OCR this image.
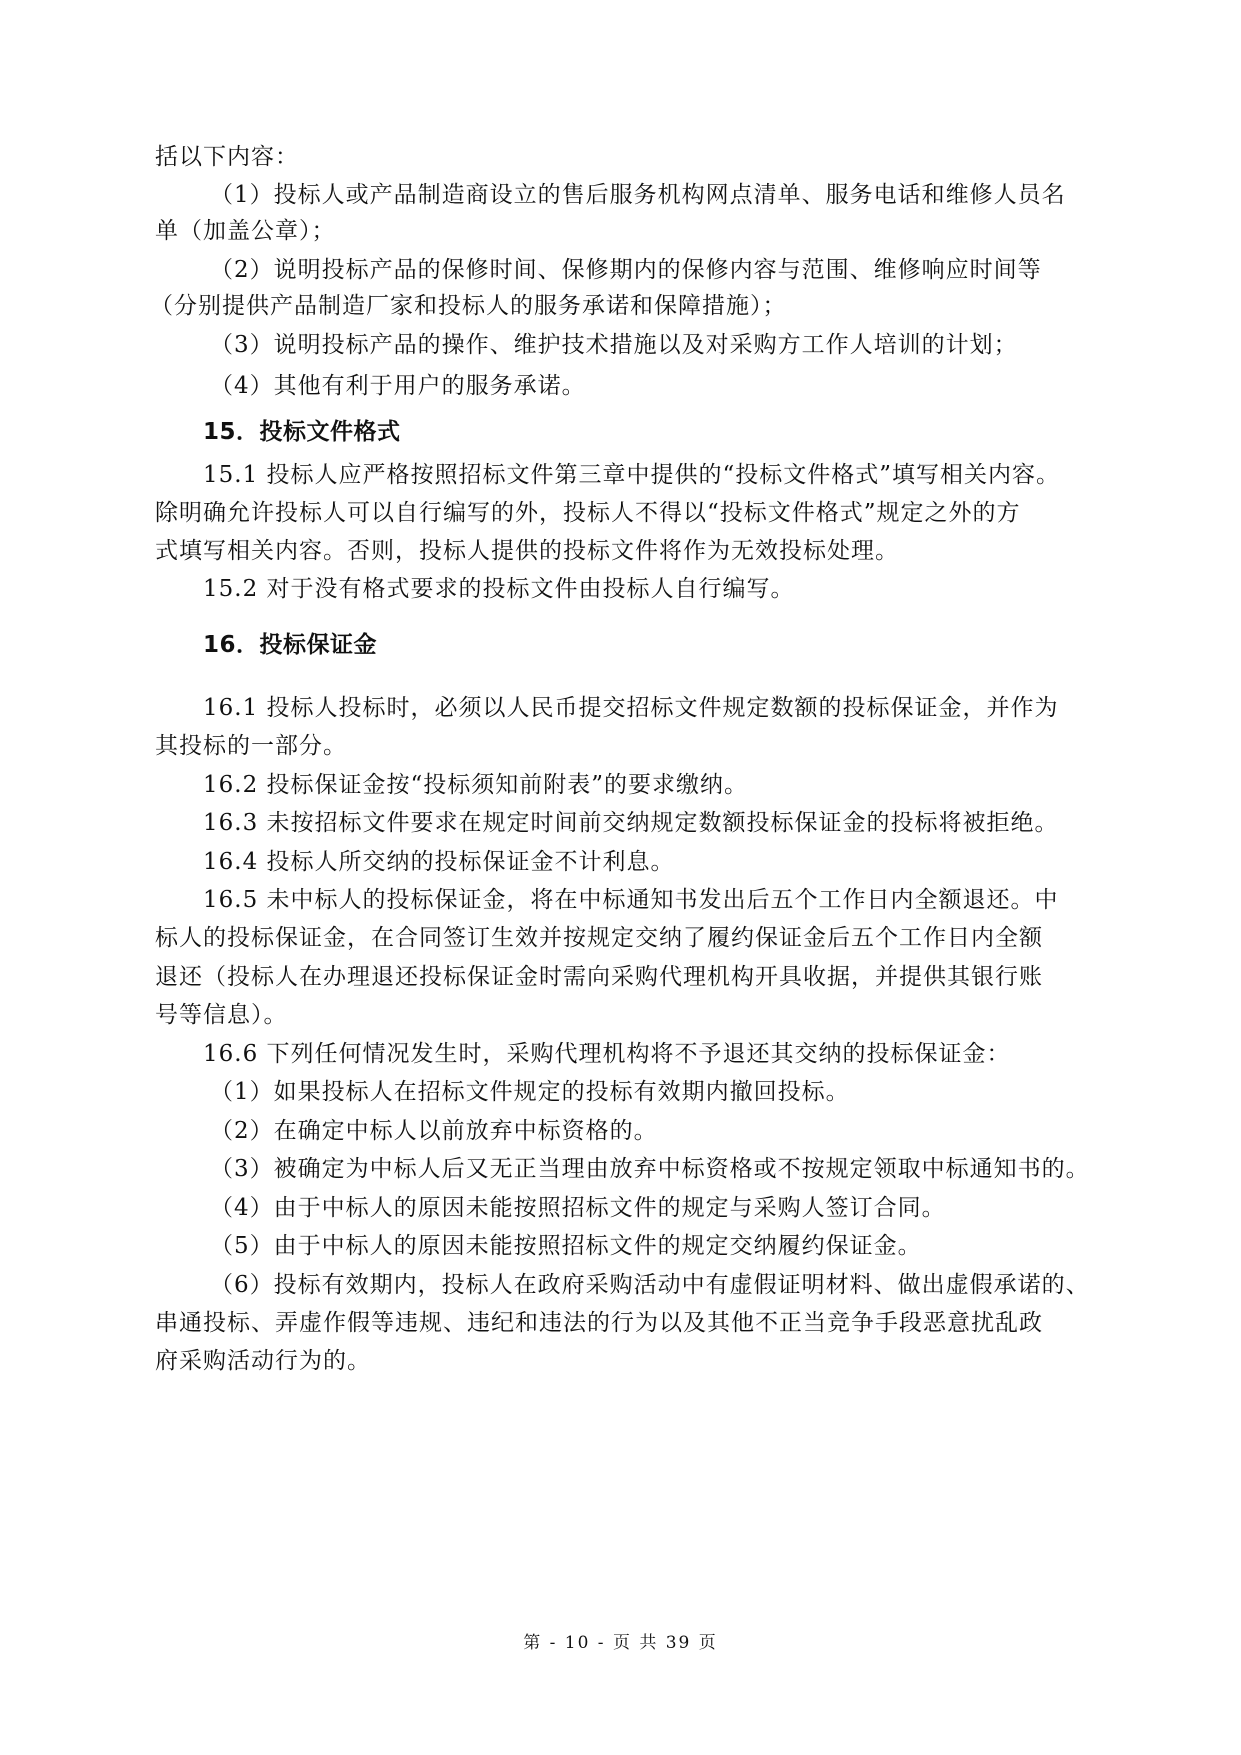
括以下内容：
（1）投标人或产品制造商设立的售后服务机构网点清单、服务电话和维修人员名
单（加盖公章）；
（2）说明投标产品的保修时间、保修期内的保修内容与范围、维修响应时间等
（分别提供产品制造厂家和投标人的服务承诺和保障措施）；
（3）说明投标产品的操作、维护技术措施以及对采购方工作人培训的计划；
（4）其他有利于用户的服务承诺。
15．投标文件格式
15.1 投标人应严格按照招标文件第三章中提供的“投标文件格式”填写相关内容。
除明确允许投标人可以自行编写的外，投标人不得以“投标文件格式”规定之外的方
式填写相关内容。否则，投标人提供的投标文件将作为无效投标处理。
15.2 对于没有格式要求的投标文件由投标人自行编写。
16．投标保证金
16.1 投标人投标时，必须以人民币提交招标文件规定数额的投标保证金，并作为
其投标的一部分。
16.2 投标保证金按“投标须知前附表”的要求缴纳。
16.3 未按招标文件要求在规定时间前交纳规定数额投标保证金的投标将被拒绝。
16.4 投标人所交纳的投标保证金不计利息。
16.5 未中标人的投标保证金，将在中标通知书发出后五个工作日内全额退还。中
标人的投标保证金，在合同签订生效并按规定交纳了履约保证金后五个工作日内全额
退还（投标人在办理退还投标保证金时需向采购代理机构开具收据，并提供其银行账
号等信息）。
16.6 下列任何情况发生时，采购代理机构将不予退还其交纳的投标保证金：
（1）如果投标人在招标文件规定的投标有效期内撤回投标。
（2）在确定中标人以前放弃中标资格的。
（3）被确定为中标人后又无正当理由放弃中标资格或不按规定领取中标通知书的。
（4）由于中标人的原因未能按照招标文件的规定与采购人签订合同。
（5）由于中标人的原因未能按照招标文件的规定交纳履约保证金。
（6）投标有效期内，投标人在政府采购活动中有虚假证明材料、做出虚假承诺的、
串通投标、弄虚作假等违规、违纪和违法的行为以及其他不正当竞争手段恶意扰乱政
府采购活动行为的。
第 - 10 - 页 共 39 页
